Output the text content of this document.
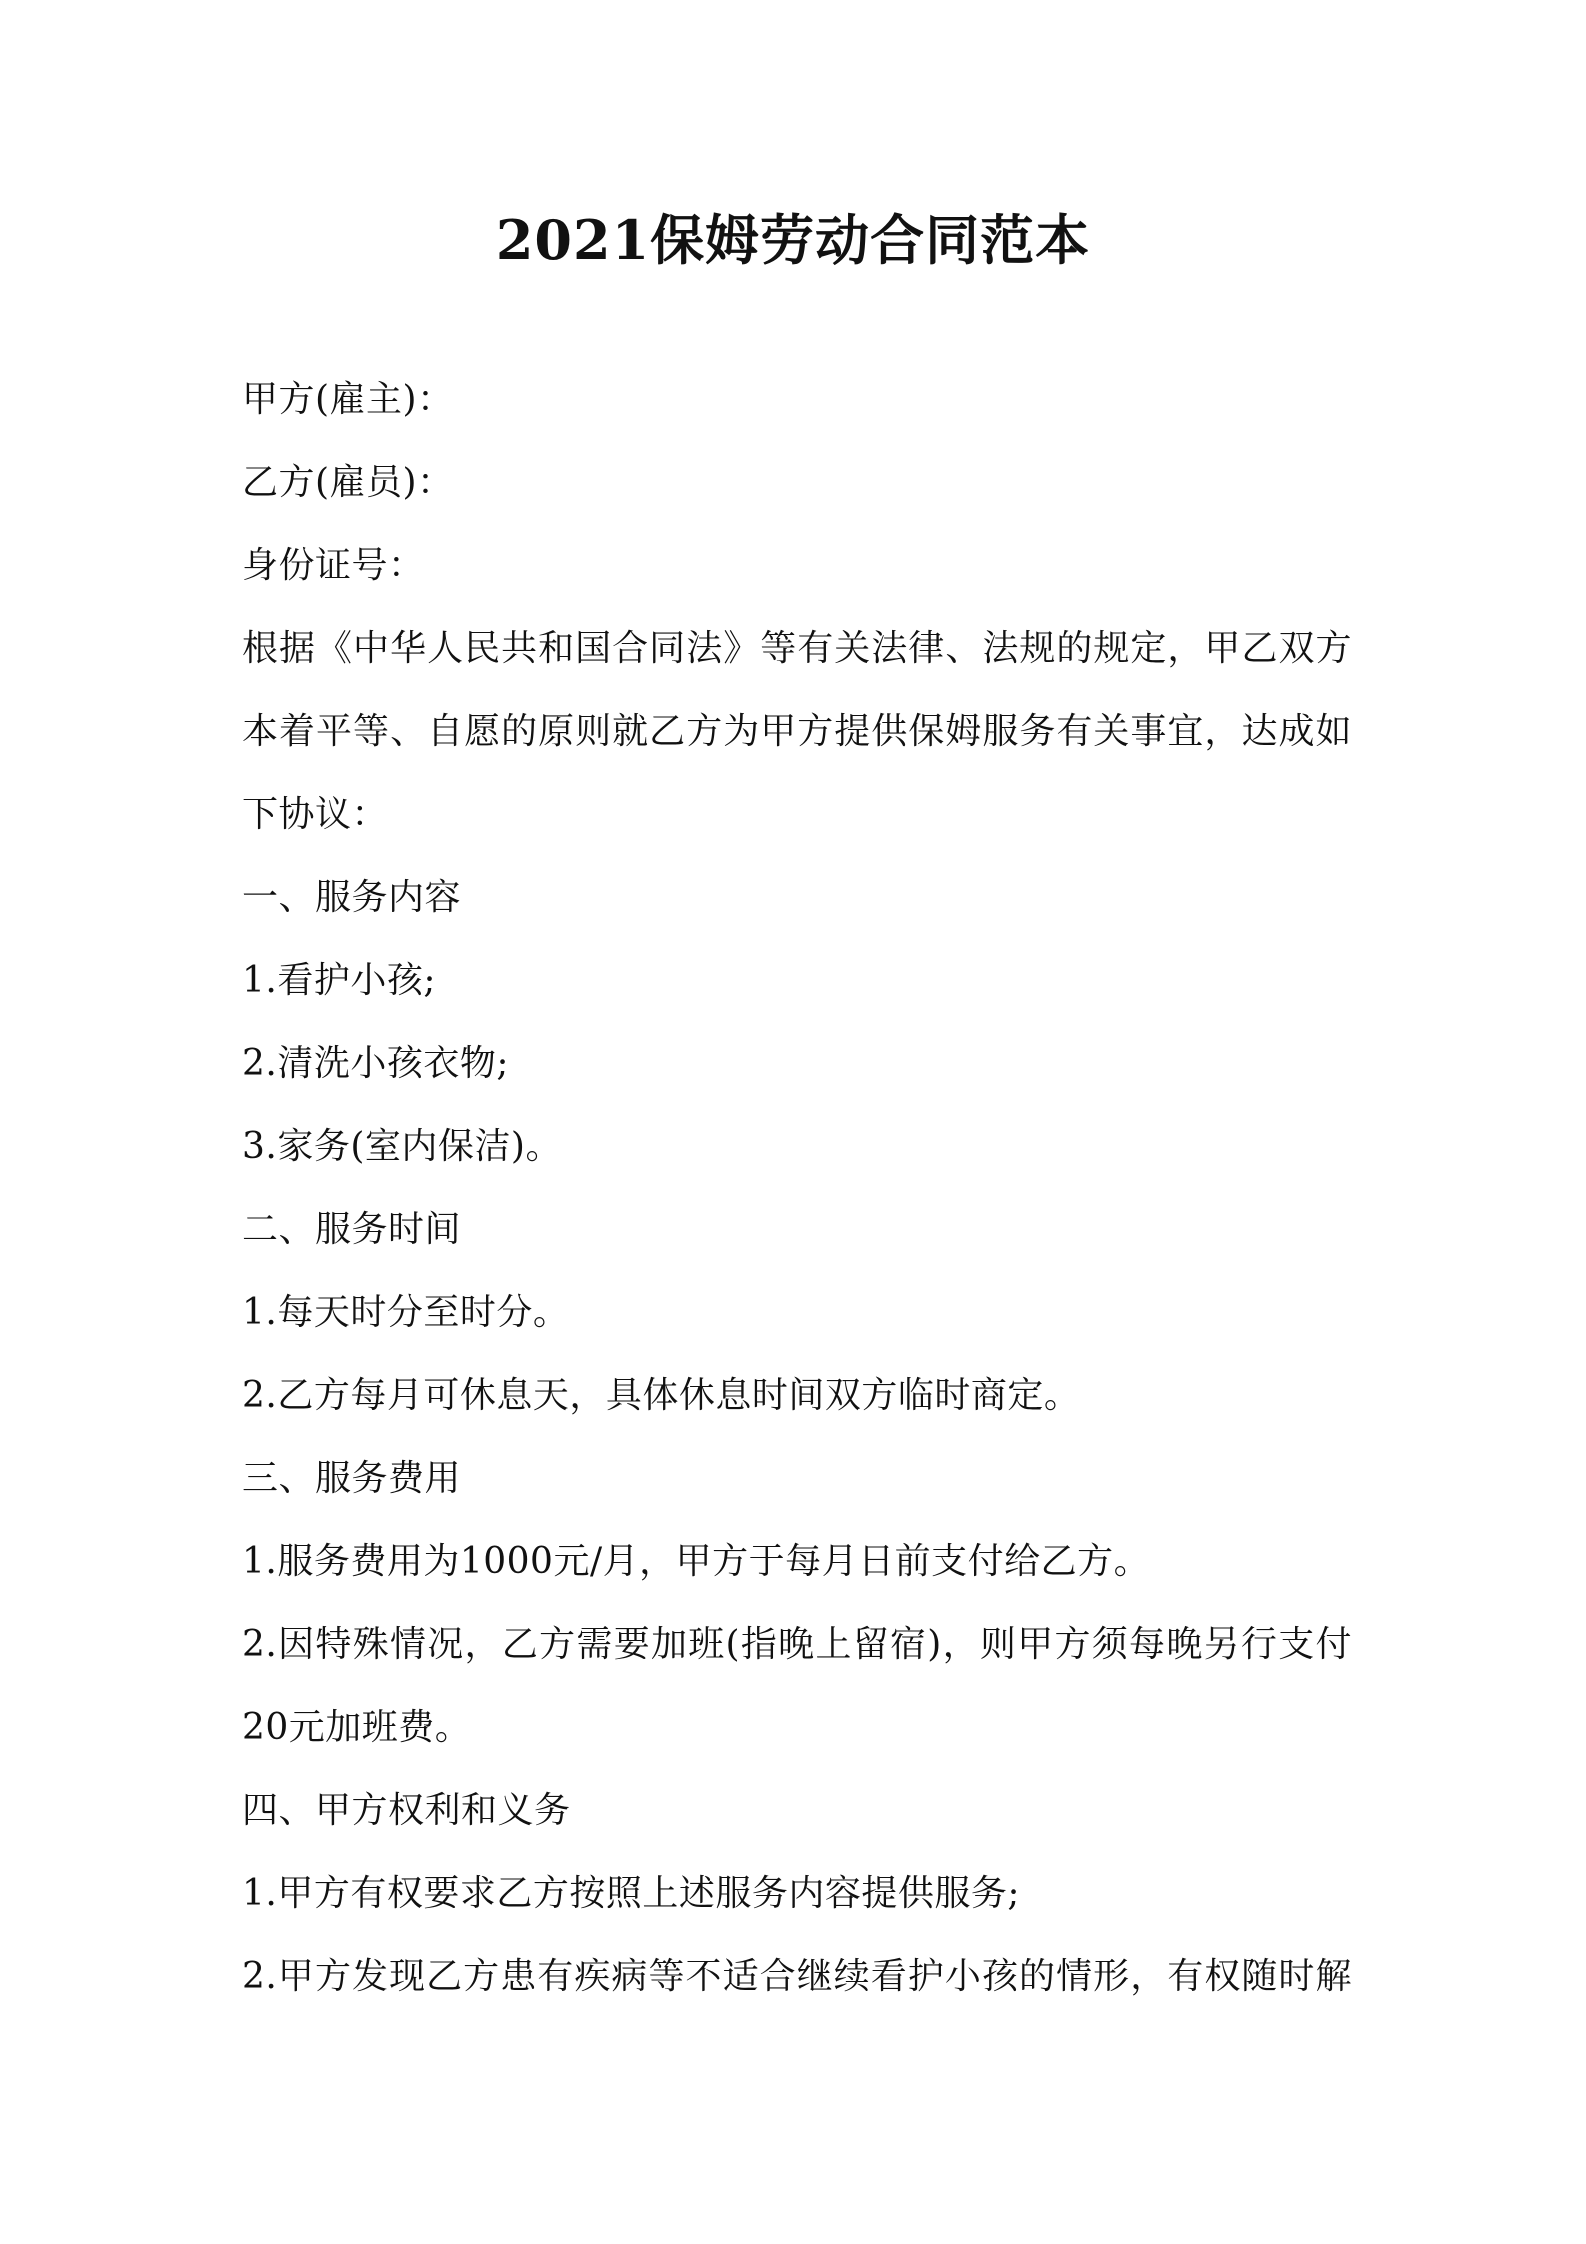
2021保姆劳动合同范本

甲方(雇主)：

乙方(雇员)：

身份证号：

根据《中华人民共和国合同法》等有关法律、法规的规定，甲乙双方

本着平等、自愿的原则就乙方为甲方提供保姆服务有关事宜，达成如

下协议：

一、服务内容

1.看护小孩;

2.清洗小孩衣物;

3.家务(室内保洁)。

二、服务时间

1.每天时分至时分。

2.乙方每月可休息天，具体休息时间双方临时商定。

三、服务费用

1.服务费用为1000元/月，甲方于每月日前支付给乙方。

2.因特殊情况，乙方需要加班(指晚上留宿)，则甲方须每晚另行支付

20元加班费。

四、甲方权利和义务

1.甲方有权要求乙方按照上述服务内容提供服务;

2.甲方发现乙方患有疾病等不适合继续看护小孩的情形，有权随时解
